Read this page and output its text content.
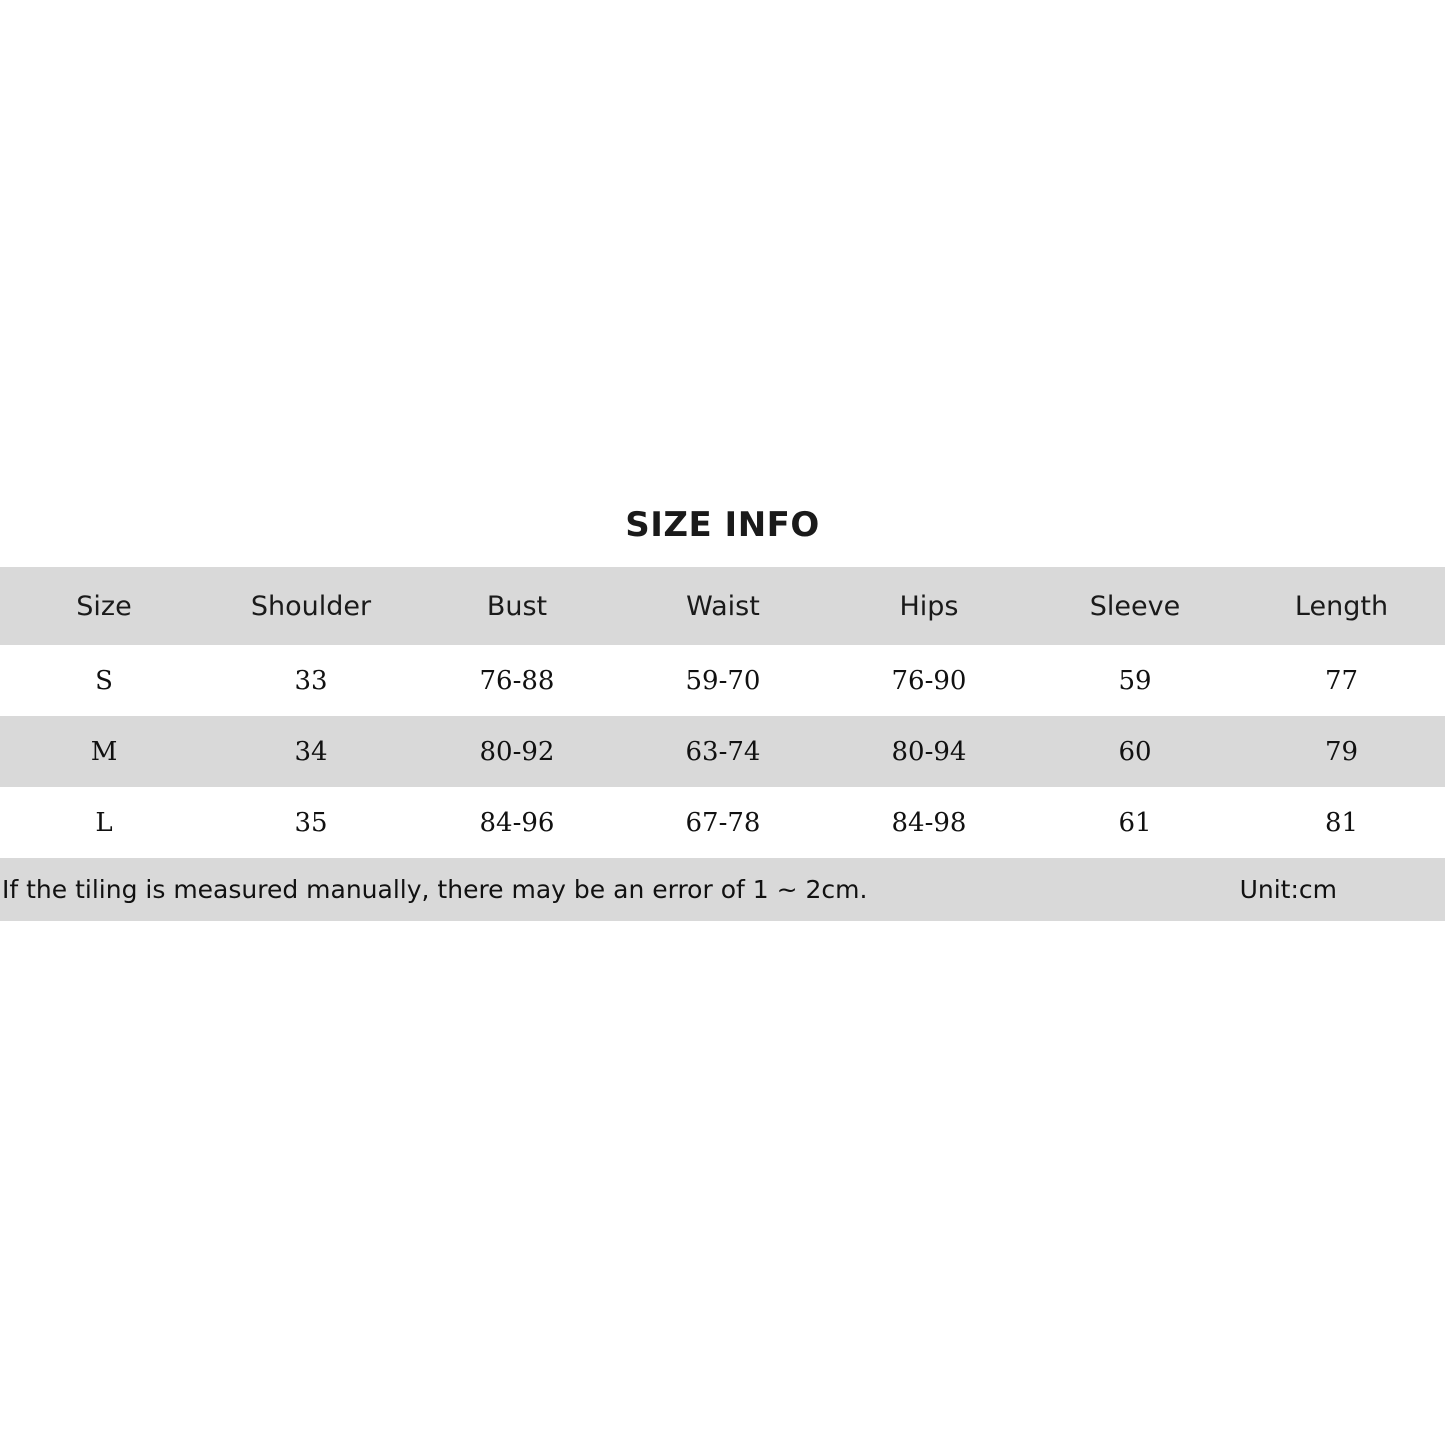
SIZE INFO
Size	Shoulder	Bust	Waist	Hips	Sleeve	Length
S	33	76-88	59-70	76-90	59	77
M	34	80-92	63-74	80-94	60	79
L	35	84-96	67-78	84-98	61	81
If the tiling is measured manually, there may be an error of 1 ~ 2cm.	Unit:cm
